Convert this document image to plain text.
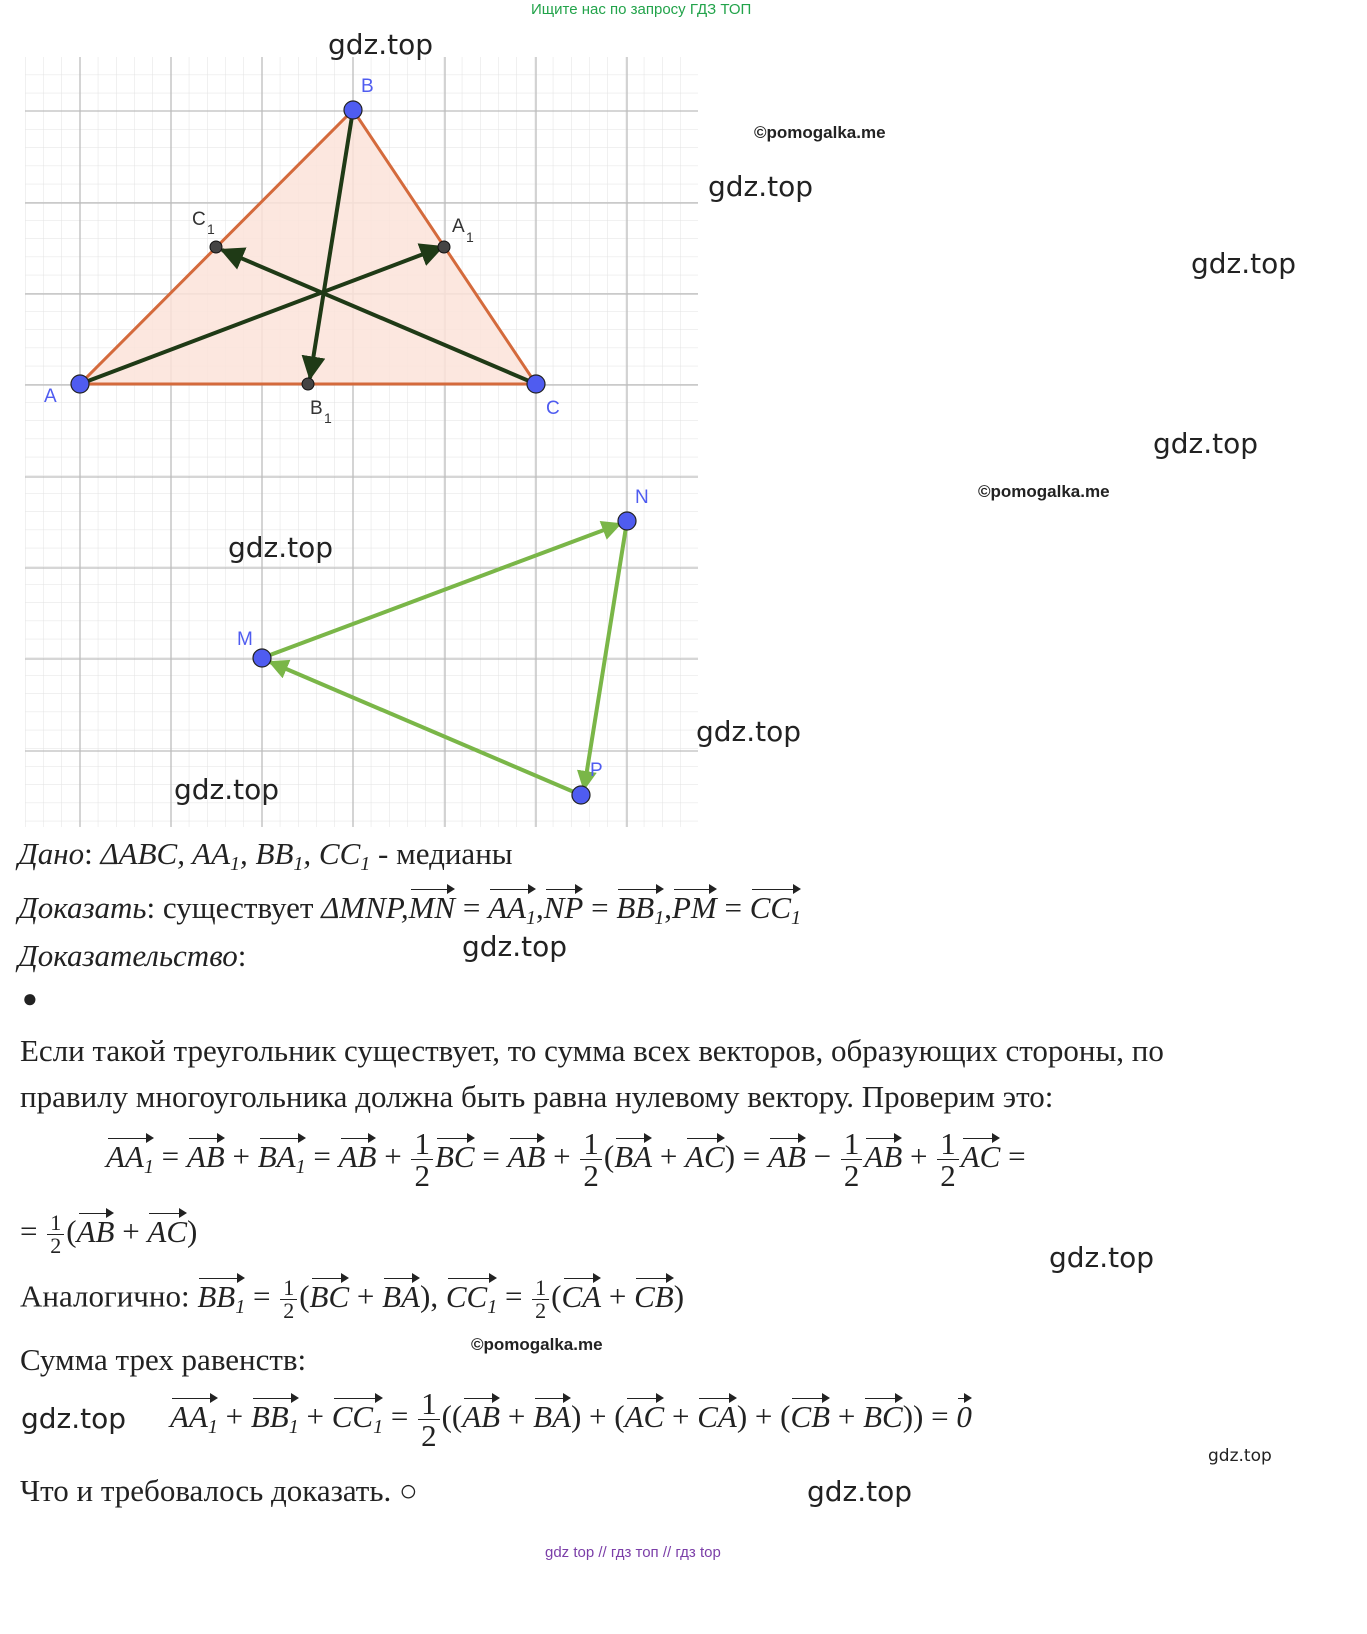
Ищите нас по запросу ГДЗ ТОП
A
B
C
M
N
P
A 1
B 1
C 1
gdz.top
gdz.top
gdz.top
gdz.top
gdz.top
gdz.top
gdz.top
gdz.top
gdz.top
gdz.top
gdz.top
gdz.top
©pomogalka.me
©pomogalka.me
©pomogalka.me
Дано: ΔABC, $AA_1$, $BB_1$, $CC_1$ - медианы
Доказать: существует $\Delta MNP,MN = AA_1,NP = BB_1,PM = CC_1$
Доказательство:
●
Если такой треугольник существует, то сумма всех векторов, образующих стороны, по
правилу многоугольника должна быть равна нулевому вектору. Проверим это:
$AA_1$ = AB + $BA_1$ = AB + $\frac{1}{2}$ BC = AB + $\frac{1}{2} (BA + AC)$ = AB − $\frac{1}{2}$ AB + $\frac{1}{2}$ AC =
= $\frac{1}{2} (AB + AC)$
Аналогично: $BB_1 = \frac{1}{2} (BC + BA)$, $CC_1 = \frac{1}{2} (CA + CB)$
Сумма трех равенств:
$AA_1 + BB_1 + CC_1 = \frac{1}{2} ((AB + BA) + (AC + CA) + (CB + BC)) = 0$
Что и требовалось доказать. ○
gdz top // гдз топ // гдз top
